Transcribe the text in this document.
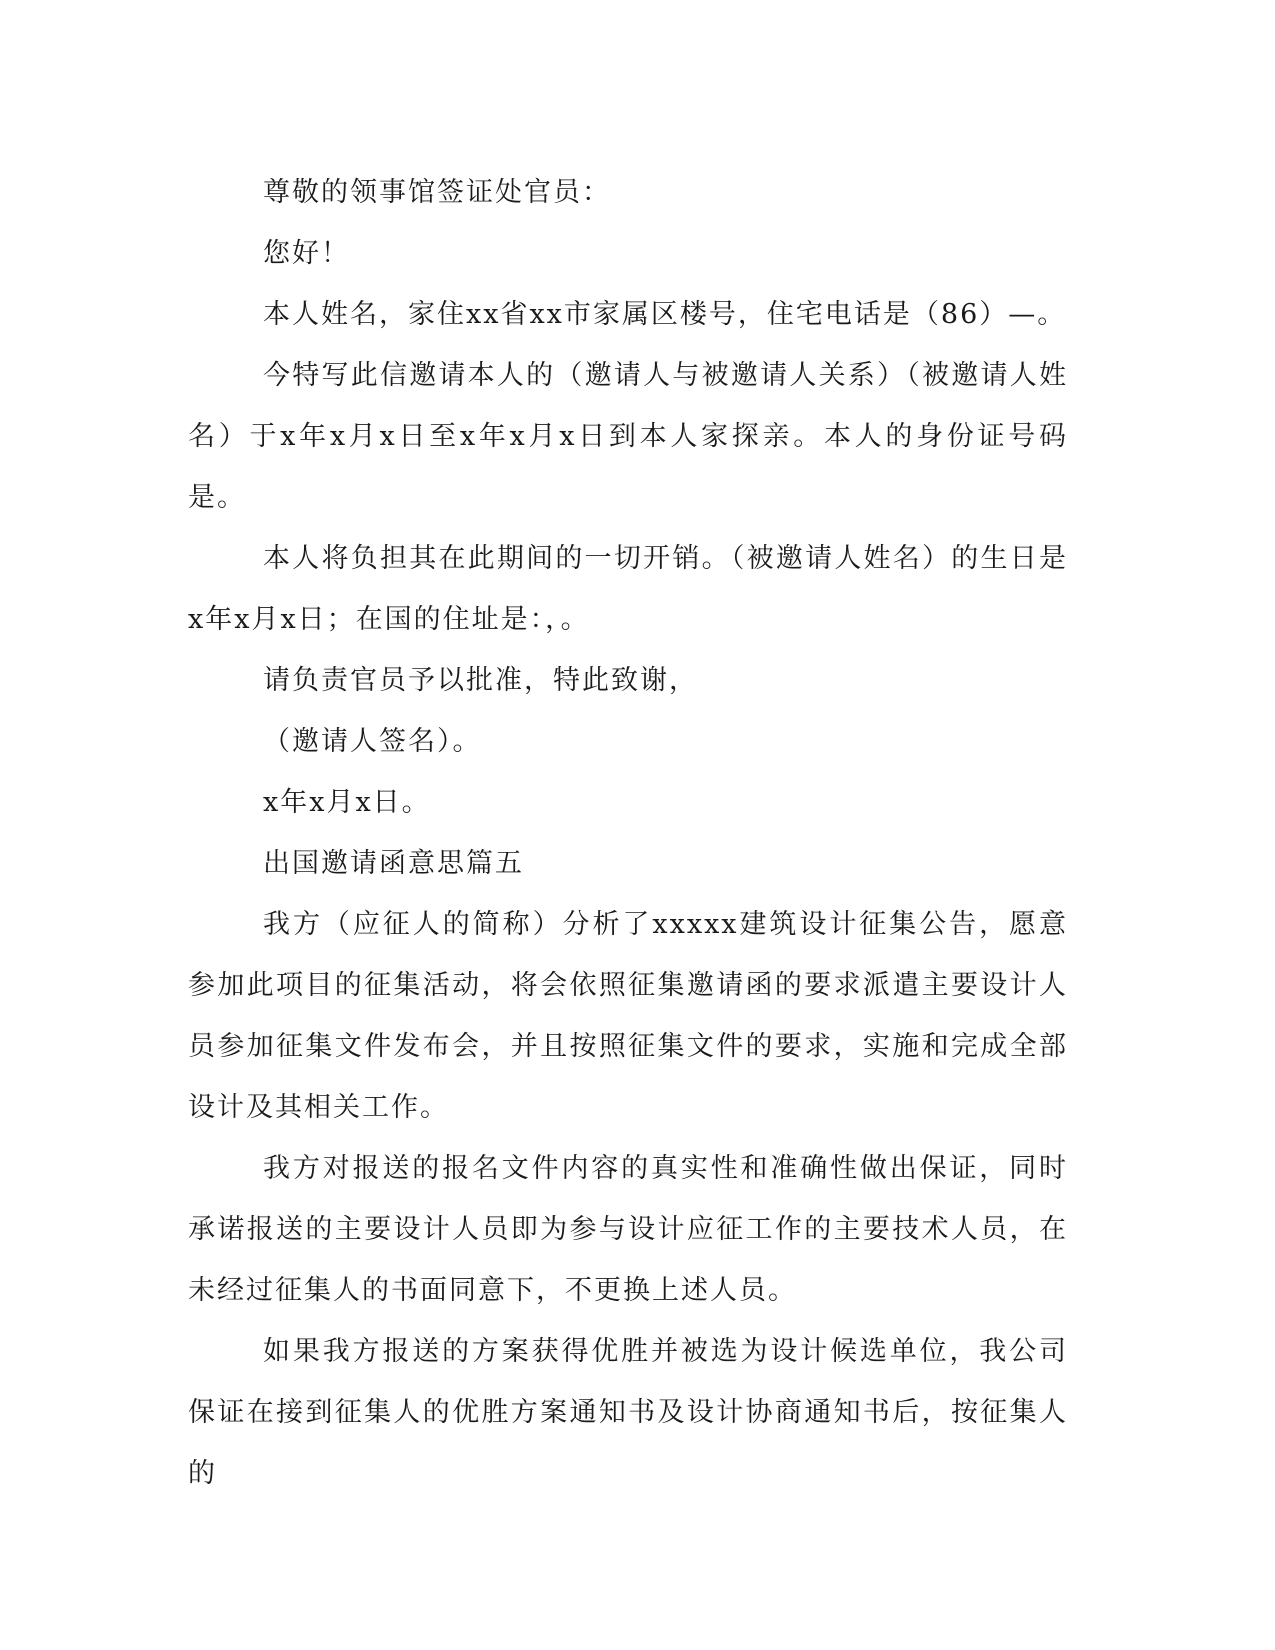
尊敬的领事馆签证处官员：

您好！

本人姓名，家住xx省xx市家属区楼号，住宅电话是（86）—。

今特写此信邀请本人的（邀请人与被邀请人关系）（被邀请人姓名）于x年x月x日至x年x月x日到本人家探亲。本人的身份证号码是。

本人将负担其在此期间的一切开销。（被邀请人姓名）的生日是x年x月x日；在国的住址是：，。

请负责官员予以批准，特此致谢，

（邀请人签名）。

x年x月x日。

出国邀请函意思篇五

我方（应征人的简称）分析了xxxxx建筑设计征集公告，愿意参加此项目的征集活动，将会依照征集邀请函的要求派遣主要设计人员参加征集文件发布会，并且按照征集文件的要求，实施和完成全部设计及其相关工作。

我方对报送的报名文件内容的真实性和准确性做出保证，同时承诺报送的主要设计人员即为参与设计应征工作的主要技术人员，在未经过征集人的书面同意下，不更换上述人员。

如果我方报送的方案获得优胜并被选为设计候选单位，我公司保证在接到征集人的优胜方案通知书及设计协商通知书后，按征集人的
